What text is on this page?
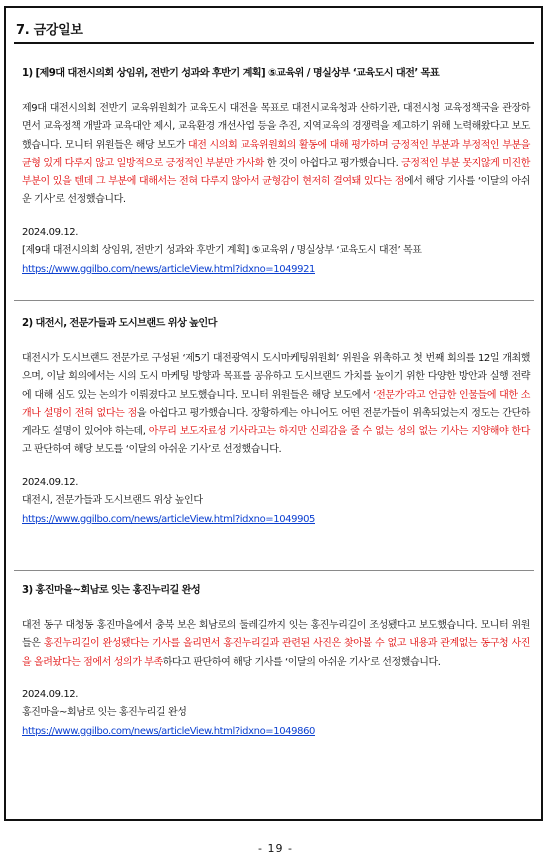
7. 금강일보
1) [제9대 대전시의회 상임위, 전반기 성과와 후반기 계획] ⑤교육위 / 명실상부 ‘교육도시 대전’ 목표

제9대 대전시의회 전반기 교육위원회가 교육도시 대전을 목표로 대전시교육청과 산하기관, 대전시청 교육정책국을 관장하면서 교육정책 개발과 교육대안 제시, 교육환경 개선사업 등을 추진, 지역교육의 경쟁력을 제고하기 위해 노력해왔다고 보도했습니다. 모니터 위원들은 해당 보도가 대전 시의회 교육위원회의 활동에 대해 평가하며 긍정적인 부분과 부정적인 부분을 균형 있게 다루지 않고 일방적으로 긍정적인 부분만 가사화 한 것이 아쉽다고 평가했습니다. 긍정적인 부분 못지않게 미진한 부분이 있을 텐데 그 부분에 대해서는 전혀 다루지 않아서 균형감이 현저히 결여돼 있다는 점에서 해당 기사를 ‘이달의 아쉬운 기사’로 선정했습니다.

2024.09.12.

[제9대 대전시의회 상임위, 전반기 성과와 후반기 계획] ⑤교육위 / 명실상부 ‘교육도시 대전’ 목표

https://www.ggilbo.com/news/articleView.html?idxno=1049921

2) 대전시, 전문가들과 도시브랜드 위상 높인다

대전시가 도시브랜드 전문가로 구성된 ‘제5기 대전광역시 도시마케팅위원회’ 위원을 위촉하고 첫 번째 회의를 12일 개최했으며, 이날 회의에서는 시의 도시 마케팅 방향과 목표를 공유하고 도시브랜드 가치를 높이기 위한 다양한 방안과 실행 전략에 대해 심도 있는 논의가 이뤄졌다고 보도했습니다. 모니터 위원들은 해당 보도에서 ‘전문가’라고 언급한 인물들에 대한 소개나 설명이 전혀 없다는 점을 아쉽다고 평가했습니다. 장황하게는 아니어도 어떤 전문가들이 위촉되었는지 정도는 간단하게라도 설명이 있어야 하는데, 아무리 보도자료성 기사라고는 하지만 신뢰감을 줄 수 없는 성의 없는 기사는 지양해야 한다고 판단하여 해당 보도를 ‘이달의 아쉬운 기사’로 선정했습니다.

2024.09.12.

대전시, 전문가들과 도시브랜드 위상 높인다

https://www.ggilbo.com/news/articleView.html?idxno=1049905

3) 홍진마을~회남로 잇는 홍진누리길 완성

대전 동구 대청동 홍진마을에서 충북 보은 회남로의 둘레길까지 잇는 홍진누리길이 조성됐다고 보도했습니다. 모니터 위원들은 홍진누리길이 완성됐다는 기사를 올리면서 홍진누리길과 관련된 사진은 찾아볼 수 없고 내용과 관계없는 동구청 사진을 올려놨다는 점에서 성의가 부족하다고 판단하여 해당 기사를 ‘이달의 아쉬운 기사’로 선정했습니다.

2024.09.12.

홍진마을~회남로 잇는 홍진누리길 완성

https://www.ggilbo.com/news/articleView.html?idxno=1049860

- 19 -
